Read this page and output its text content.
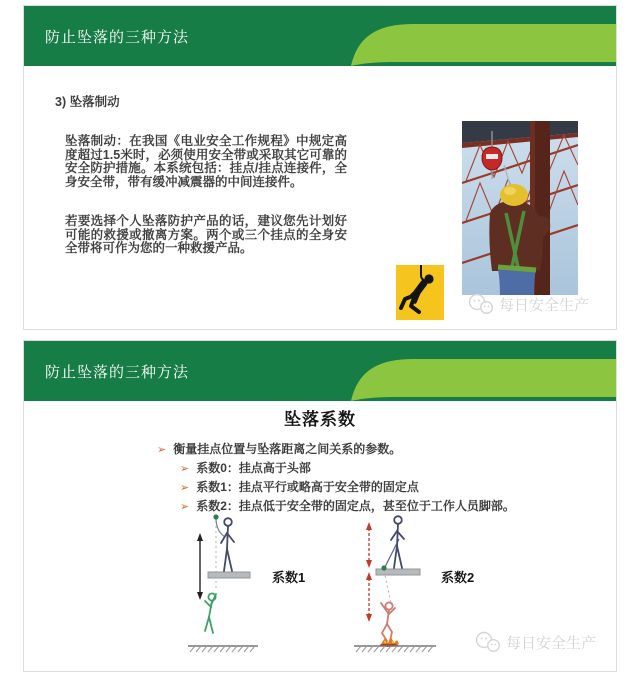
防止坠落的三种方法
3) 坠落制动

坠落制动：在我国《电业安全工作规程》中规定高度超过1.5米时，必须使用安全带或采取其它可靠的安全防护措施。本系统包括：挂点/挂点连接件，全身安全带，带有缓冲减震器的中间连接件。

若要选择个人坠落防护产品的话，建议您先计划好可能的救援或撤离方案。两个或三个挂点的全身安全带将可作为您的一种救援产品。

每日安全生产
防止坠落的三种方法
坠落系数
➢ 衡量挂点位置与坠落距离之间关系的参数。
➢ 系数0：挂点高于头部
➢ 系数1：挂点平行或略高于安全带的固定点
➢ 系数2：挂点低于安全带的固定点，甚至位于工作人员脚部。
系数1	系数2
每日安全生产
